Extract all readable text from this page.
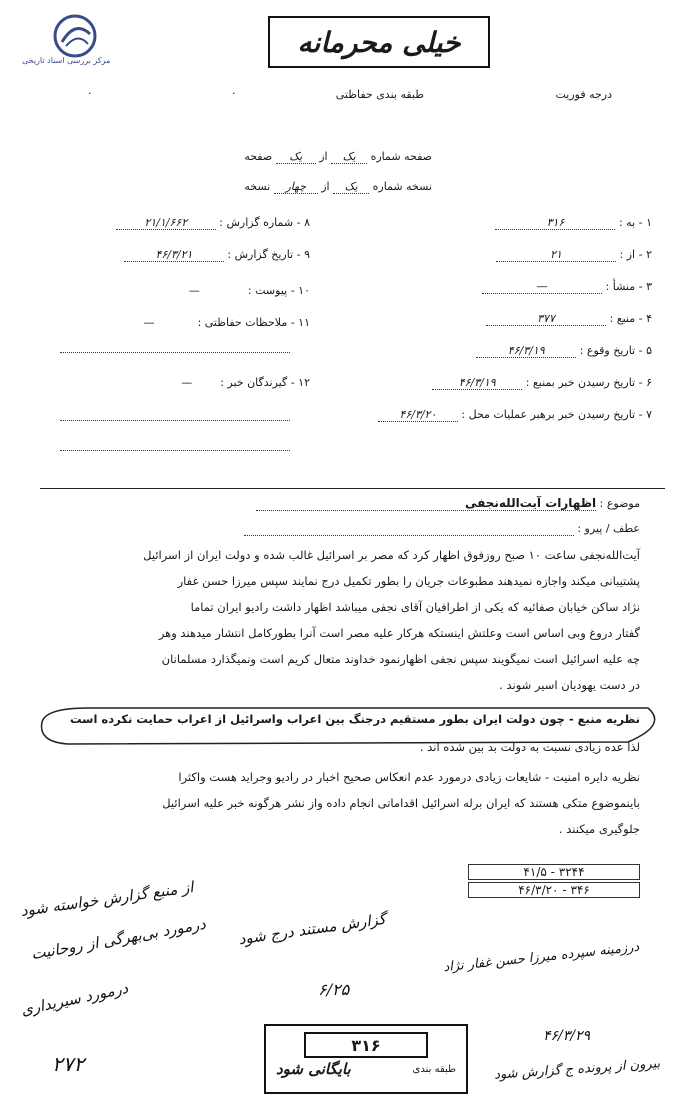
مرکز بررسی اسناد تاریخی
خیلی محرمانه
درجه فوریت
طبقه بندی حفاظتی
.
.
صفحه شماره یک از یک صفحه
نسخه شماره یک از چهار نسخه
۱ - به : ۳۱۶
۲ - از : ۲۱
۳ - منشأ : —
۴ - منبع : ۳۷۷
۵ - تاریخ وقوع : ۴۶/۳/۱۹
۶ - تاریخ رسیدن خبر بمنبع : ۴۶/۳/۱۹
۷ - تاریخ رسیدن خبر برهبر عملیات محل : ۴۶/۳/۲۰
۸ - شماره گزارش : ۲۱/۱/۶۶۲
۹ - تاریخ گزارش : ۴۶/۳/۲۱
۱۰ - پیوست : —
۱۱ - ملاحظات حفاظتی : —
۱۲ - گیرندگان خبر : —
موضوع : اظهارات آیت‌الله‌نجفی
عطف / پیرو :
آیت‌الله‌نجفی ساعت ۱۰ صبح روزفوق اظهار کرد که مصر بر اسرائیل غالب شده و دولت ایران از اسرائیل
پشتیبانی میکند واجازه نمیدهند مطبوعات جریان را بطور تکمیل درج نمایند سپس میرزا حسن غفار
نژاد ساکن خیابان صفائیه که یکی از اطرافیان آقای نجفی میباشد اظهار داشت رادیو ایران تماما
گفتار دروغ وبی اساس است وعلتش اینستکه هرکار علیه مصر است آنرا بطورکامل انتشار میدهند وهر
چه علیه اسرائیل است نمیگویند سپس نجفی اظهارنمود خداوند متعال کریم است ونمیگذارد مسلمانان
در دست یهودیان اسیر شوند .
نظریه منبع - چون دولت ایران بطور مستقیم درجنگ بین اعراب واسرائیل از اعراب حمایت نکرده است
لذا عده زیادی نسبت به دولت بد بین شده اند .
نظریه دایره امنیت - شایعات زیادی درمورد عدم انعکاس صحیح اخبار در رادیو وجراید هست واکثرا
باینموضوع متکی هستند که ایران برله اسرائیل اقداماتی انجام داده واز نشر هرگونه خبر علیه اسرائیل
جلوگیری میکنند .
۳۲۴۴ - ۴۱/۵
۳۴۶ - ۴۶/۳/۲۰
از منبع گزارش خواسته شود
درمورد بی‌بهرگی از روحانیت
درمورد سیریداری
۲۷۲
گزارش مستند درج شود
۶/۲۵
درزمینه سپرده میرزا حسن غفار نژاد
۴۶/۳/۲۹
بیرون از پرونده ج گزارش شود
۳۱۶
طبقه بندی
بایگانی شود
